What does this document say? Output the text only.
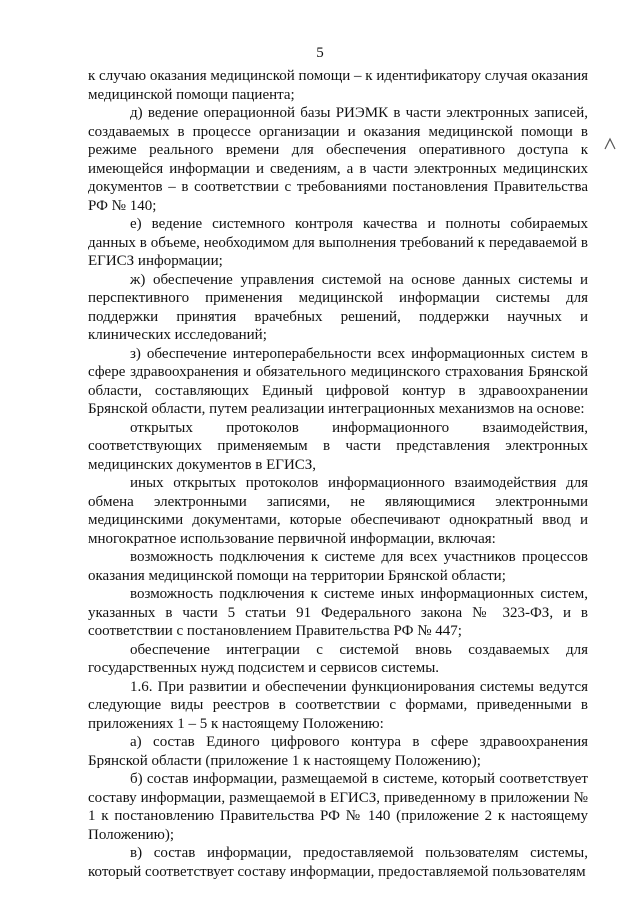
5

к случаю оказания медицинской помощи – к идентификатору случая оказания медицинской помощи пациента;

д) ведение операционной базы РИЭМК в части электронных записей, создаваемых в процессе организации и оказания медицинской помощи в режиме реального времени для обеспечения оперативного доступа к имеющейся информации и сведениям, а в части электронных медицинских документов – в соответствии с требованиями постановления Правительства РФ № 140;

е) ведение системного контроля качества и полноты собираемых данных в объеме, необходимом для выполнения требований к передаваемой в ЕГИСЗ информации;

ж) обеспечение управления системой на основе данных системы и перспективного применения медицинской информации системы для поддержки принятия врачебных решений, поддержки научных и клинических исследований;

з) обеспечение интероперабельности всех информационных систем в сфере здравоохранения и обязательного медицинского страхования Брянской области, составляющих Единый цифровой контур в здравоохранении Брянской области, путем реализации интеграционных механизмов на основе:

открытых протоколов информационного взаимодействия, соответствующих применяемым в части представления электронных медицинских документов в ЕГИСЗ,

иных открытых протоколов информационного взаимодействия для обмена электронными записями, не являющимися электронными медицинскими документами, которые обеспечивают однократный ввод и многократное использование первичной информации, включая:

возможность подключения к системе для всех участников процессов оказания медицинской помощи на территории Брянской области;

возможность подключения к системе иных информационных систем, указанных в части 5 статьи 91 Федерального закона № 323-ФЗ, и в соответствии с постановлением Правительства РФ № 447;

обеспечение интеграции с системой вновь создаваемых для государственных нужд подсистем и сервисов системы.

1.6. При развитии и обеспечении функционирования системы ведутся следующие виды реестров в соответствии с формами, приведенными в приложениях 1 – 5 к настоящему Положению:

а) состав Единого цифрового контура в сфере здравоохранения Брянской области (приложение 1 к настоящему Положению);

б) состав информации, размещаемой в системе, который соответствует составу информации, размещаемой в ЕГИСЗ, приведенному в приложении № 1 к постановлению Правительства РФ № 140 (приложение 2 к настоящему Положению);

в) состав информации, предоставляемой пользователям системы, который соответствует составу информации, предоставляемой пользователям
